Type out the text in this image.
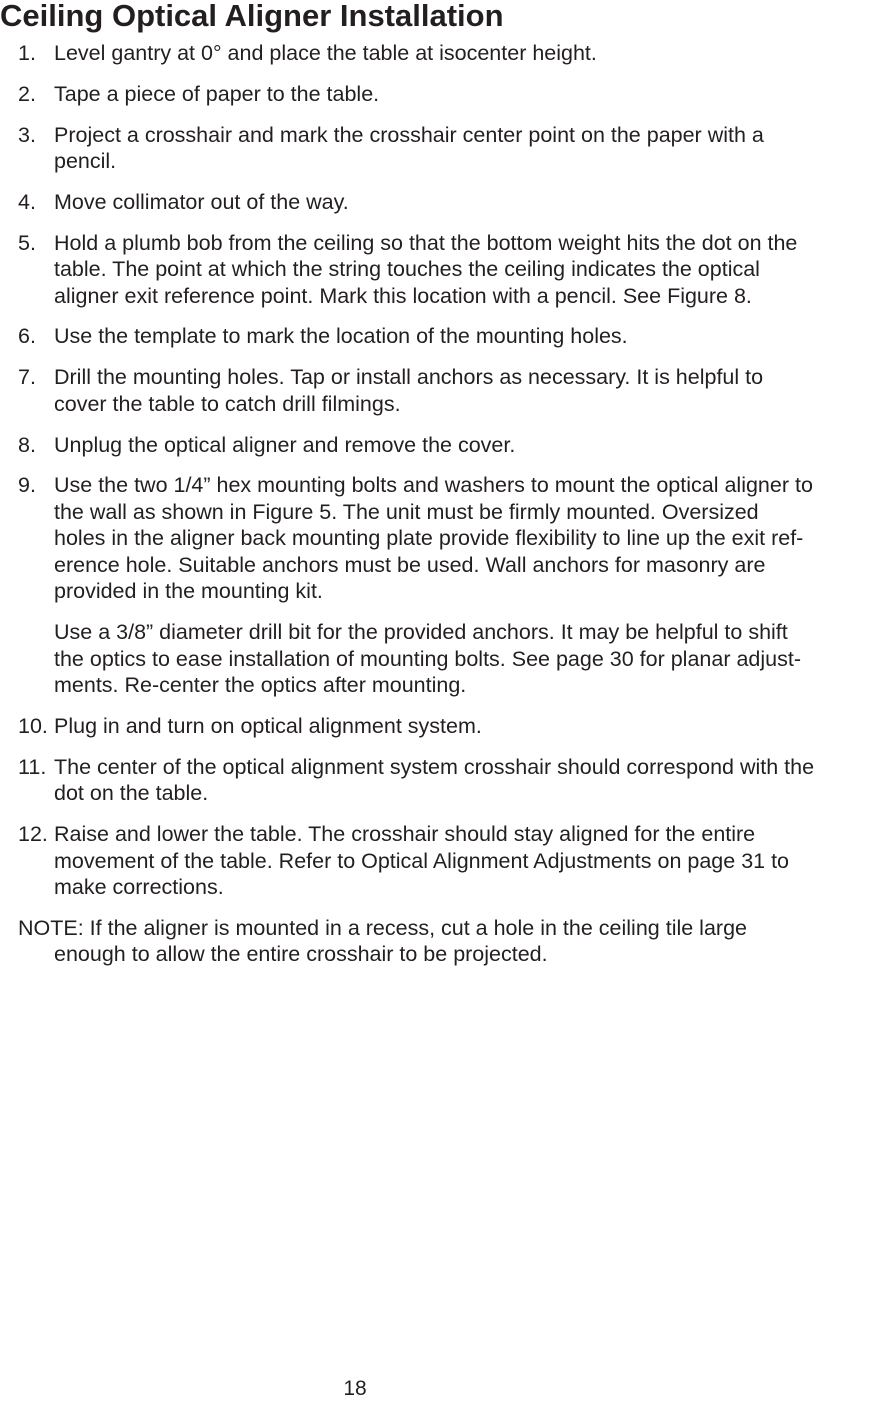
Ceiling Optical Aligner Installation
1. Level gantry at 0° and place the table at isocenter height.
2. Tape a piece of paper to the table.
3. Project a crosshair and mark the crosshair center point on the paper with a
pencil.
4. Move collimator out of the way.
5. Hold a plumb bob from the ceiling so that the bottom weight hits the dot on the
table. The point at which the string touches the ceiling indicates the optical
aligner exit reference point. Mark this location with a pencil. See Figure 8.
6. Use the template to mark the location of the mounting holes.
7. Drill the mounting holes. Tap or install anchors as necessary. It is helpful to
cover the table to catch drill filmings.
8. Unplug the optical aligner and remove the cover.
9. Use the two 1/4” hex mounting bolts and washers to mount the optical aligner to
the wall as shown in Figure 5. The unit must be firmly mounted. Oversized
holes in the aligner back mounting plate provide flexibility to line up the exit ref-
erence hole. Suitable anchors must be used. Wall anchors for masonry are
provided in the mounting kit.
Use a 3/8” diameter drill bit for the provided anchors. It may be helpful to shift
the optics to ease installation of mounting bolts. See page 30 for planar adjust-
ments. Re-center the optics after mounting.
10. Plug in and turn on optical alignment system.
11. The center of the optical alignment system crosshair should correspond with the
dot on the table.
12. Raise and lower the table. The crosshair should stay aligned for the entire
movement of the table. Refer to Optical Alignment Adjustments on page 31 to
make corrections.
NOTE: If the aligner is mounted in a recess, cut a hole in the ceiling tile large
enough to allow the entire crosshair to be projected.
18
